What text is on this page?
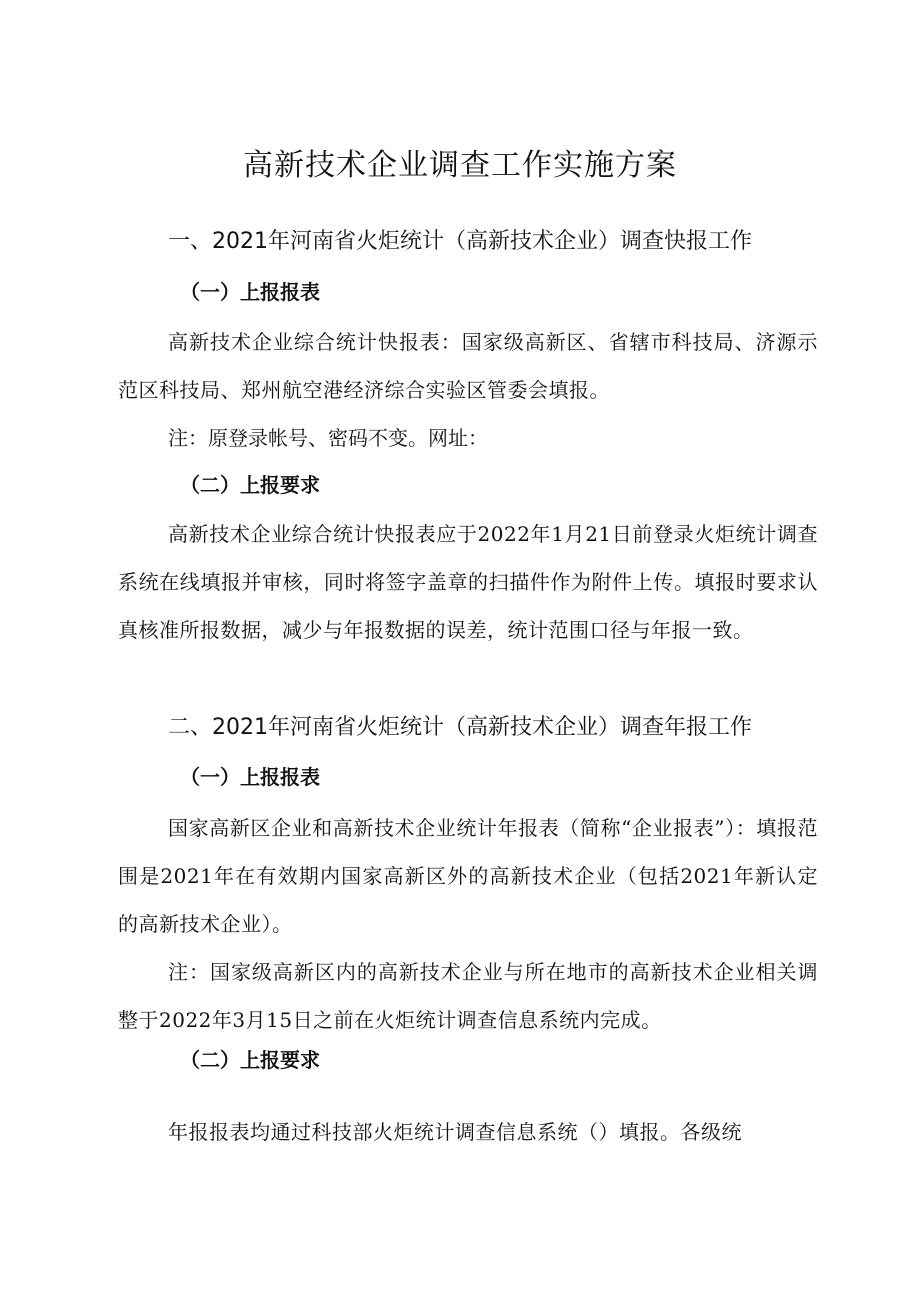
高新技术企业调查工作实施方案
一、2021年河南省火炬统计（高新技术企业）调查快报工作
（一）上报报表

高新技术企业综合统计快报表：国家级高新区、省辖市科技局、济源示范区科技局、郑州航空港经济综合实验区管委会填报。

注：原登录帐号、密码不变。网址：

（二）上报要求

高新技术企业综合统计快报表应于2022年1月21日前登录火炬统计调查系统在线填报并审核，同时将签字盖章的扫描件作为附件上传。填报时要求认真核准所报数据，减少与年报数据的误差，统计范围口径与年报一致。

二、2021年河南省火炬统计（高新技术企业）调查年报工作
（一）上报报表

国家高新区企业和高新技术企业统计年报表（简称“企业报表”）：填报范围是2021年在有效期内国家高新区外的高新技术企业（包括2021年新认定的高新技术企业）。

注：国家级高新区内的高新技术企业与所在地市的高新技术企业相关调整于2022年3月15日之前在火炬统计调查信息系统内完成。

（二）上报要求

年报报表均通过科技部火炬统计调查信息系统（）填报。各级统
